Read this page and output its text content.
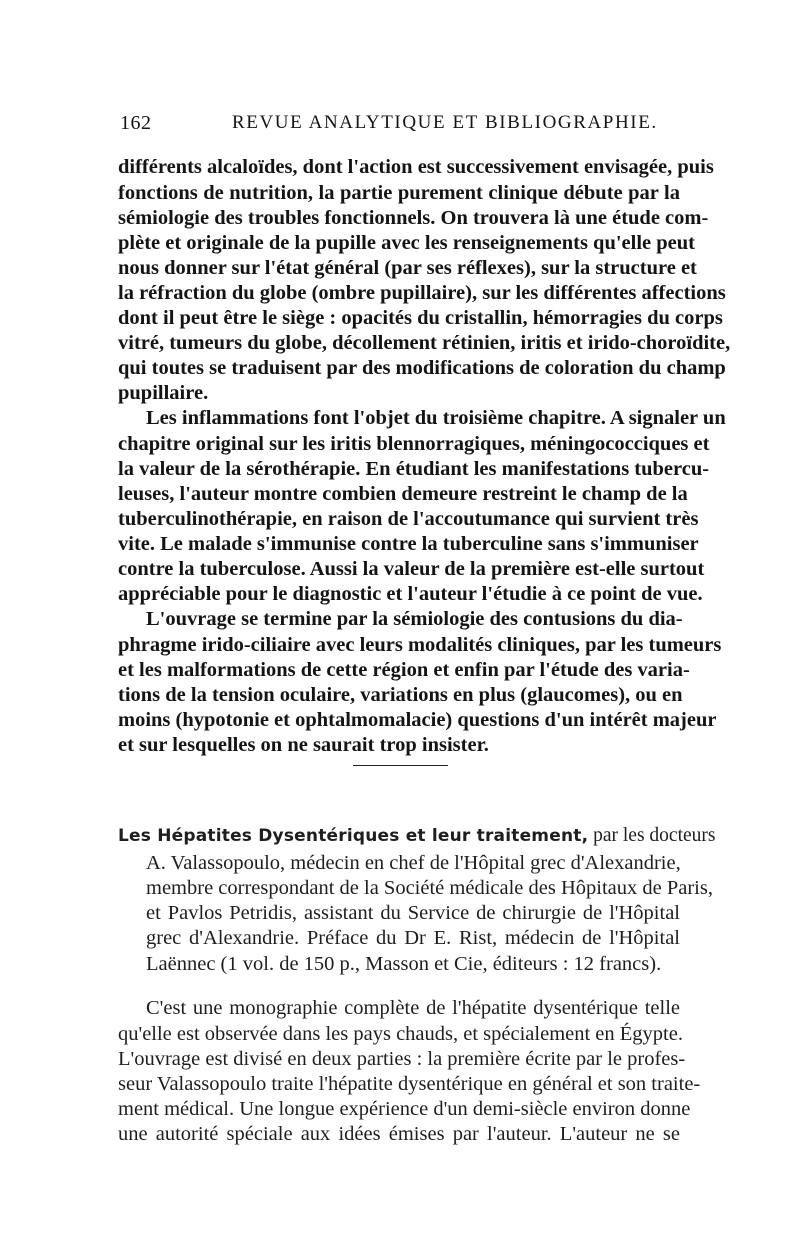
162	REVUE ANALYTIQUE ET BIBLIOGRAPHIE.
différents alcaloïdes, dont l'action est successivement envisagée, puis
fonctions de nutrition, la partie purement clinique débute par la
sémiologie des troubles fonctionnels. On trouvera là une étude com-
plète et originale de la pupille avec les renseignements qu'elle peut
nous donner sur l'état général (par ses réflexes), sur la structure et
la réfraction du globe (ombre pupillaire), sur les différentes affections
dont il peut être le siège : opacités du cristallin, hémorragies du corps
vitré, tumeurs du globe, décollement rétinien, iritis et irido-choroïdite,
qui toutes se traduisent par des modifications de coloration du champ
pupillaire.
Les inflammations font l'objet du troisième chapitre. A signaler un
chapitre original sur les iritis blennorragiques, méningococciques et
la valeur de la sérothérapie. En étudiant les manifestations tubercu-
leuses, l'auteur montre combien demeure restreint le champ de la
tuberculinothérapie, en raison de l'accoutumance qui survient très
vite. Le malade s'immunise contre la tuberculine sans s'immuniser
contre la tuberculose. Aussi la valeur de la première est-elle surtout
appréciable pour le diagnostic et l'auteur l'étudie à ce point de vue.
L'ouvrage se termine par la sémiologie des contusions du dia-
phragme irido-ciliaire avec leurs modalités cliniques, par les tumeurs
et les malformations de cette région et enfin par l'étude des varia-
tions de la tension oculaire, variations en plus (glaucomes), ou en
moins (hypotonie et ophtalmomalacie) questions d'un intérêt majeur
et sur lesquelles on ne saurait trop insister.
Les Hépatites Dysentériques et leur traitement, par les docteurs
A. Valassopoulo, médecin en chef de l'Hôpital grec d'Alexandrie,
membre correspondant de la Société médicale des Hôpitaux de Paris,
et Pavlos Petridis, assistant du Service de chirurgie de l'Hôpital
grec d'Alexandrie. Préface du Dr E. Rist, médecin de l'Hôpital
Laënnec (1 vol. de 150 p., Masson et Cie, éditeurs : 12 francs).
C'est une monographie complète de l'hépatite dysentérique telle
qu'elle est observée dans les pays chauds, et spécialement en Égypte.
L'ouvrage est divisé en deux parties : la première écrite par le profes-
seur Valassopoulo traite l'hépatite dysentérique en général et son traite-
ment médical. Une longue expérience d'un demi-siècle environ donne
une autorité spéciale aux idées émises par l'auteur. L'auteur ne se
